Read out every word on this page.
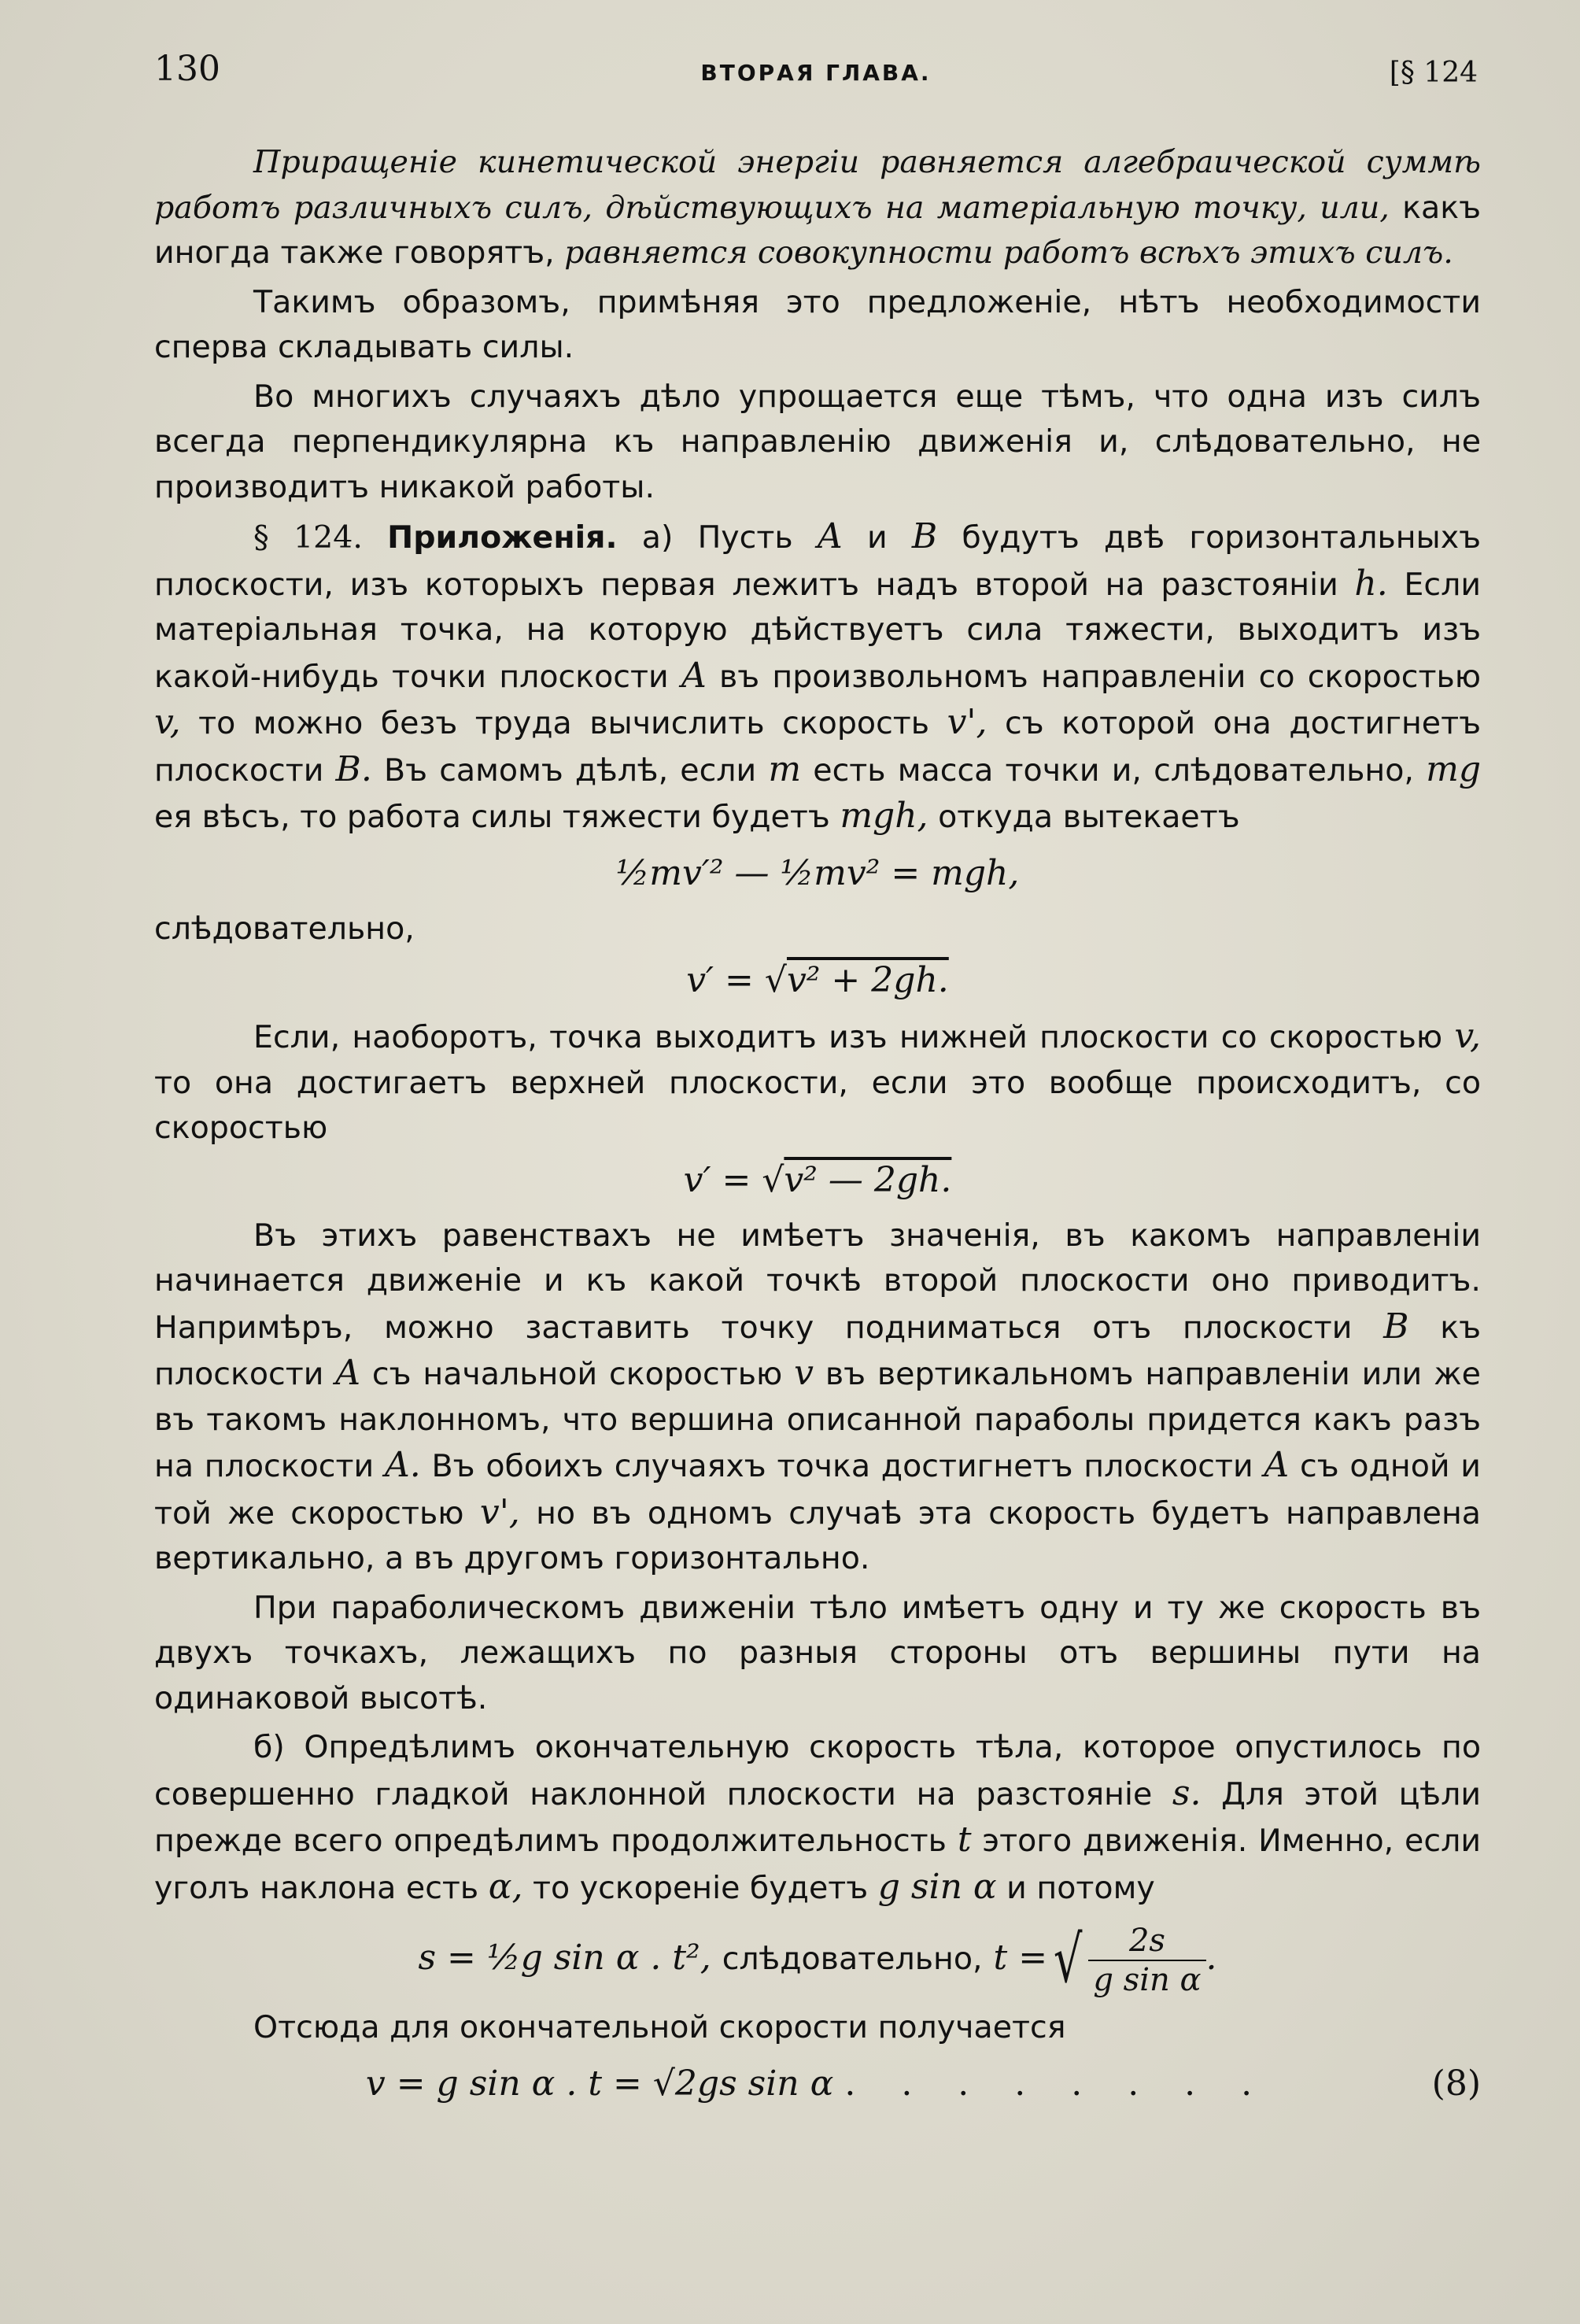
130	ВТОРАЯ ГЛАВА.	[§ 124

Приращеніе кинетической энергіи равняется алгебраической суммѣ работъ различныхъ силъ, дѣйствующихъ на матеріальную точку, или, какъ иногда также говорятъ, равняется совокупности работъ всѣхъ этихъ силъ.

Такимъ образомъ, примѣняя это предложеніе, нѣтъ необходимости сперва складывать силы.

Во многихъ случаяхъ дѣло упрощается еще тѣмъ, что одна изъ силъ всегда перпендикулярна къ направленію движенія и, слѣдовательно, не производитъ никакой работы.

§ 124. Приложенія. а) Пусть A и B будутъ двѣ горизонтальныхъ плоскости, изъ которыхъ первая лежитъ надъ второй на разстояніи h. Если матеріальная точка, на которую дѣйствуетъ сила тяжести, выходитъ изъ какой-нибудь точки плоскости A въ произвольномъ направленіи со скоростью v, то можно безъ труда вычислить скорость v', съ которой она достигнетъ плоскости B. Въ самомъ дѣлѣ, если m есть масса точки и, слѣдовательно, mg ея вѣсъ, то работа силы тяжести будетъ mgh, откуда вытекаетъ

½mv′² — ½mv² = mgh,

слѣдовательно,

v′ = √v² + 2gh.

Если, наоборотъ, точка выходитъ изъ нижней плоскости со скоростью v, то она достигаетъ верхней плоскости, если это вообще происходитъ, со скоростью

v′ = √v² — 2gh.

Въ этихъ равенствахъ не имѣетъ значенія, въ какомъ направленіи начинается движеніе и къ какой точкѣ второй плоскости оно приводитъ. Напримѣръ, можно заставить точку подниматься отъ плоскости B къ плоскости A съ начальной скоростью v въ вертикальномъ направленіи или же въ такомъ наклонномъ, что вершина описанной параболы придется какъ разъ на плоскости A. Въ обоихъ случаяхъ точка достигнетъ плоскости A съ одной и той же скоростью v', но въ одномъ случаѣ эта скорость будетъ направлена вертикально, а въ другомъ горизонтально.

При параболическомъ движеніи тѣло имѣетъ одну и ту же скорость въ двухъ точкахъ, лежащихъ по разныя стороны отъ вершины пути на одинаковой высотѣ.

б) Опредѣлимъ окончательную скорость тѣла, которое опустилось по совершенно гладкой наклонной плоскости на разстояніе s. Для этой цѣли прежде всего опредѣлимъ продолжительность t этого движенія. Именно, если уголъ наклона есть α, то ускореніе будетъ g sin α и потому

s = ½g sin α . t², слѣдовательно, t =√ $\frac{2s}{\text{g sin α}}$ .

Отсюда для окончательной скорости получается

v = g sin α . t = √2gs sin α . . . . . . . .	(8)
